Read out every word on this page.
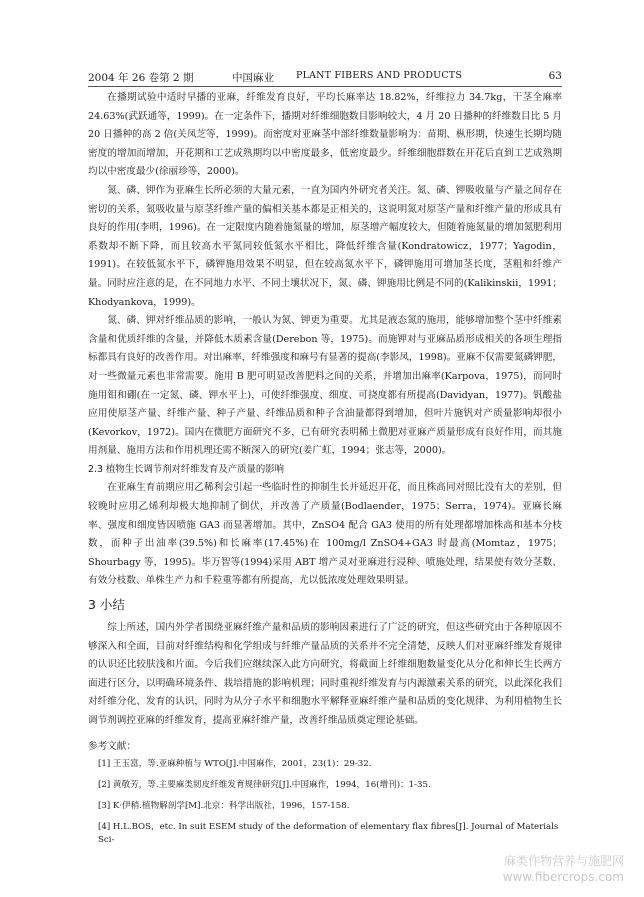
2004 年 26 卷第 2 期	中国麻业 PLANT FIBERS AND PRODUCTS	63

在播期试验中适时早播的亚麻，纤维发育良好，平均长麻率达 18.82%，纤维拉力 34.7kg，干茎全麻率 24.63%(武跃通等，1999)。在一定条件下，播期对纤维细胞数目影响较大，4 月 20 日播种的纤维数目比 5 月 20 日播种的高 2 倍(关凤芝等，1999)。而密度对亚麻茎中部纤维数量影响为：苗期、枞形期，快速生长期均随密度的增加而增加，开花期和工艺成熟期均以中密度最多，低密度最少。纤维细胞群数在开花后直到工艺成熟期均以中密度最少(徐丽珍等，2000)。

氮、磷、钾作为亚麻生长所必须的大量元素，一直为国内外研究者关注。氮、磷、钾吸收量与产量之间存在密切的关系，氮吸收量与原茎纤维产量的偏相关基本都是正相关的，这说明氮对原茎产量和纤维产量的形成具有良好的作用(李明，1996)。在一定限度内随着施氮量的增加，原茎增产幅度较大，但随着施氮量的增加氮肥利用系数却不断下降，而且较高水平氮同较低氮水平相比，降低纤维含量(Kondratowicz，1977；Yagodin，1991)。在较低氮水平下，磷钾施用效果不明显，但在较高氮水平下，磷钾施用可增加茎长度，茎粗和纤维产量。同时应注意的是，在不同地力水平、不同土壤状况下，氮、磷、钾施用比例是不同的(Kalikinskii，1991；Khodyankova，1999)。

氮、磷、钾对纤维品质的影响，一般认为氮、钾更为重要。尤其是液态氮的施用，能够增加整个茎中纤维素含量和优质纤维的含量，并降低木质素含量(Derebon 等，1975)。而施钾对与亚麻品质形成相关的各项生理指标都具有良好的改善作用。对出麻率，纤维强度和麻号有显著的提高(李影凤，1998)。亚麻不仅需要氮磷钾肥，对一些微量元素也非常需要。施用 B 肥可明显改善肥料之间的关系，并增加出麻率(Karpova，1975)，而同时施用钼和硼(在一定氮、磷、钾水平上)，可使纤维强度、细度、可挠度都有所提高(Davidyan，1977)。钒酸盐应用使原茎产量、纤维产量、种子产量、纤维品质和种子含油量都得到增加，但叶片施钒对产质量影响却很小(Kevorkov，1972)。国内在微肥方面研究不多，已有研究表明稀土微肥对亚麻产质量形成有良好作用，而其施用剂量、施用方法和作用机理还需不断深入的研究(姜广虹，1994；张志等，2000)。

2.3 植物生长调节剂对纤维发育及产质量的影响

在亚麻生育前期应用乙稀利会引起一些临时性的抑制生长并延迟开花，而且株高同对照比没有大的差别，但较晚时应用乙烯利却极大地抑制了倒伏，并改善了产质量(Bodlaender，1975；Serra，1974)。亚麻长麻率、强度和细度皆因喷施 GA3 而显著增加。其中，ZnSO4 配合 GA3 使用的所有处理都增加株高和基本分枝数，而种子出油率(39.5%)和长麻率(17.45%)在 100mg/l ZnSO4+GA3 时最高(Momtaz，1975；Shourbagy 等，1995)。毕万智等(1994)采用 ABT 增产灵对亚麻进行浸种、喷施处理，结果使有效分茎数、有效分枝数、单株生产力和千粒重等都有所提高，尤以低浓度处理效果明显。

3 小结

综上所述，国内外学者围绕亚麻纤维产量和品质的影响因素进行了广泛的研究，但这些研究由于各种原因不够深入和全面，目前对纤维结构和化学组成与纤维产量品质的关系并不完全清楚，反映人们对亚麻纤维发育规律的认识还比较肤浅和片面。今后我们应继续深入此方向研究，将截面上纤维细胞数量变化从分化和伸长生长两方面进行区分，以明确环境条件、栽培措施的影响机理；同时重视纤维发育与内源激素关系的研究，以此深化我们对纤维分化、发育的认识，同时为从分子水平和细胞水平解释亚麻纤维产量和品质的变化规律、为利用植物生长调节剂调控亚麻的纤维发育，提高亚麻纤维产量，改善纤维品质奠定理论基础。

参考文献：

[1] 王玉富，等.亚麻种植与 WTO[J].中国麻作，2001，23(1)：29-32.

[2] 黄敬芳，等.主要麻类韧皮纤维发育规律研究[J].中国麻作，1994，16(增刊)：1-35.

[3] K·伊稍.植物解剖学[M].北京：科学出版社，1996，157-158.

[4] H.L.BOS，etc. In suit ESEM study of the deformation of elementary flax fibres[J]. Journal of Materials Sci-

麻类作物营养与施肥网
www.fibercrops.com
